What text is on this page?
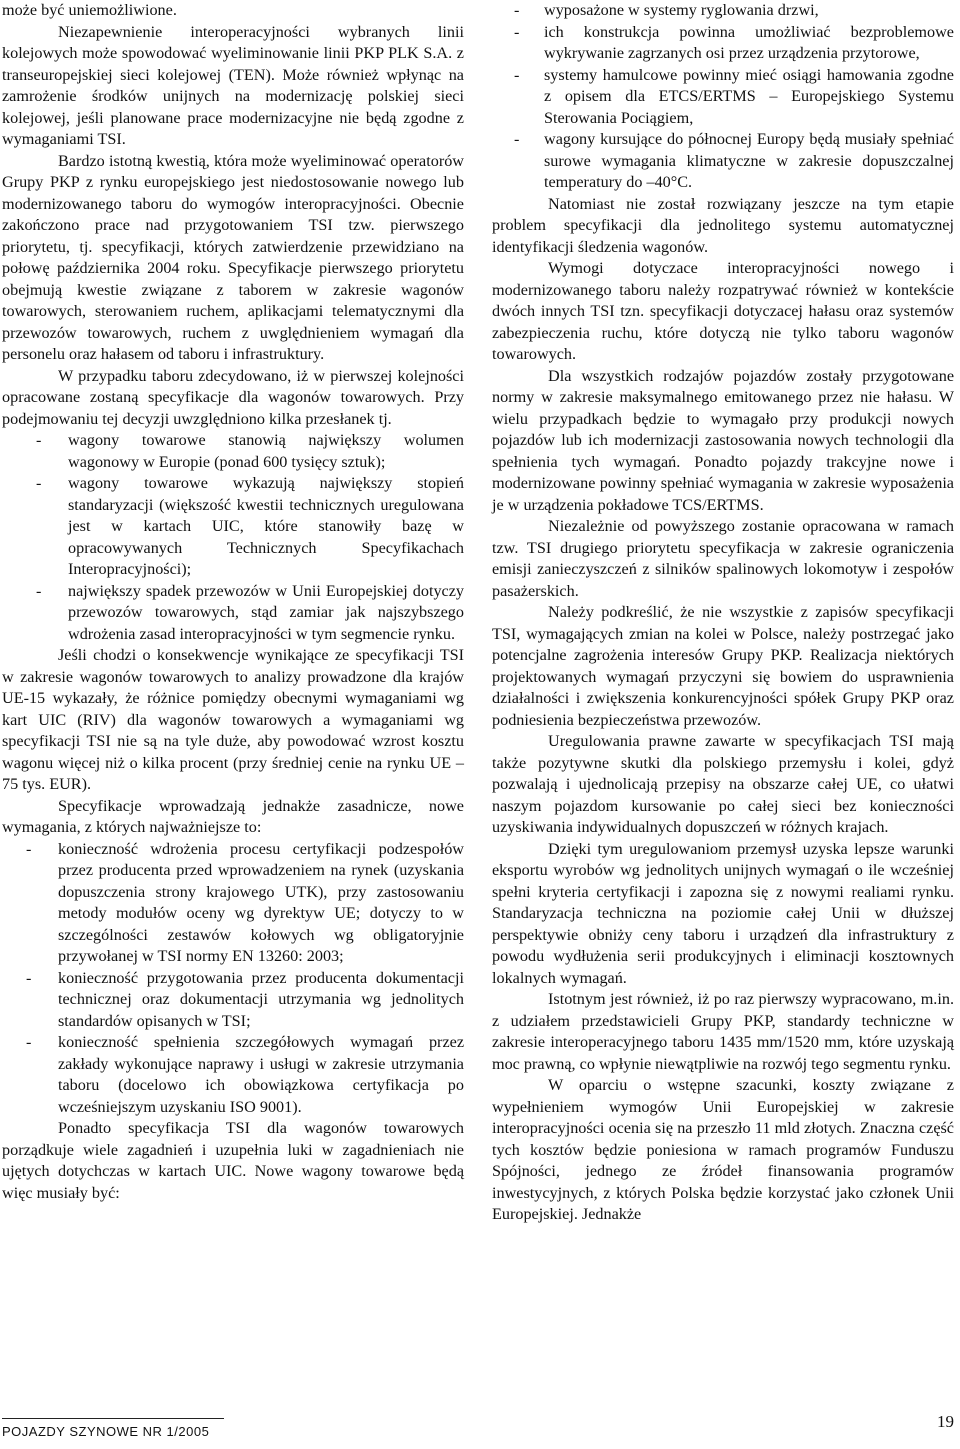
może być uniemożliwione.

Niezapewnienie interoperacyjności wybranych linii kolejowych może spowodować wyeliminowanie linii PKP PLK S.A. z transeuropejskiej sieci kolejowej (TEN). Może również wpłynąc na zamrożenie środków unijnych na modernizację polskiej sieci kolejowej, jeśli planowane prace modernizacyjne nie będą zgodne z wymaganiami TSI.

Bardzo istotną kwestią, która może wyeliminować operatorów Grupy PKP z rynku europejskiego jest niedostosowanie nowego lub modernizowanego taboru do wymogów interopracyjności. Obecnie zakończono prace nad przygotowaniem TSI tzw. pierwszego priorytetu, tj. specyfikacji, których zatwierdzenie przewidziano na połowę października 2004 roku. Specyfikacje pierwszego priorytetu obejmują kwestie związane z taborem w zakresie wagonów towarowych, sterowaniem ruchem, aplikacjami telematycznymi dla przewozów towarowych, ruchem z uwględnieniem wymagań dla personelu oraz hałasem od taboru i infrastruktury.

W przypadku taboru zdecydowano, iż w pierwszej kolejności opracowane zostaną specyfikacje dla wagonów towarowych. Przy podejmowaniu tej decyzji uwzględniono kilka przesłanek tj.

- wagony towarowe stanowią największy wolumen wagonowy w Europie (ponad 600 tysięcy sztuk);
- wagony towarowe wykazują największy stopień standaryzacji (większość kwestii technicznych uregulowana jest w kartach UIC, które stanowiły bazę w opracowywanych Technicznych Specyfikachach Interopracyjności);
- największy spadek przewozów w Unii Europejskiej dotyczy przewozów towarowych, stąd zamiar jak najszybszego wdrożenia zasad interopracyjności w tym segmencie rynku.

Jeśli chodzi o konsekwencje wynikające ze specyfikacji TSI w zakresie wagonów towarowych to analizy prowadzone dla krajów UE-15 wykazały, że różnice pomiędzy obecnymi wymaganiami wg kart UIC (RIV) dla wagonów towarowych a wymaganiami wg specyfikacji TSI nie są na tyle duże, aby powodować wzrost kosztu wagonu więcej niż o kilka procent (przy średniej cenie na rynku UE – 75 tys. EUR).

Specyfikacje wprowadzają jednakże zasadnicze, nowe wymagania, z których najważniejsze to:

- konieczność wdrożenia procesu certyfikacji podzespołów przez producenta przed wprowadzeniem na rynek (uzyskania dopuszczenia strony krajowego UTK), przy zastosowaniu metody modułów oceny wg dyrektyw UE; dotyczy to w szczególności zestawów kołowych wg obligatoryjnie przywołanej w TSI normy EN 13260: 2003;
- konieczność przygotowania przez producenta dokumentacji technicznej oraz dokumentacji utrzymania wg jednolitych standardów opisanych w TSI;
- konieczność spełnienia szczegółowych wymagań przez zakłady wykonujące naprawy i usługi w zakresie utrzymania taboru (docelowo ich obowiązkowa certyfikacja po wcześniejszym uzyskaniu ISO 9001).

Ponadto specyfikacja TSI dla wagonów towarowych porządkuje wiele zagadnień i uzupełnia luki w zagadnieniach nie ujętych dotychczas w kartach UIC. Nowe wagony towarowe będą więc musiały być:

- wyposażone w systemy ryglowania drzwi,
- ich konstrukcja powinna umożliwiać bezproblemowe wykrywanie zagrzanych osi przez urządzenia przytorowe,
- systemy hamulcowe powinny mieć osiągi hamowania zgodne z opisem dla ETCS/ERTMS – Europejskiego Systemu Sterowania Pociągiem,
- wagony kursujące do północnej Europy będą musiały spełniać surowe wymagania klimatyczne w zakresie dopuszczalnej temperatury do –40°C.

Natomiast nie został rozwiązany jeszcze na tym etapie problem specyfikacji dla jednolitego systemu automatycznej identyfikacji śledzenia wagonów.

Wymogi dotyczace interopracyjności nowego i modernizowanego taboru należy rozpatrywać również w kontekście dwóch innych TSI tzn. specyfikacji dotyczacej hałasu oraz systemów zabezpieczenia ruchu, które dotyczą nie tylko taboru wagonów towarowych.

Dla wszystkich rodzajów pojazdów zostały przygotowane normy w zakresie maksymalnego emitowanego przez nie hałasu. W wielu przypadkach będzie to wymagało przy produkcji nowych pojazdów lub ich modernizacji zastosowania nowych technologii dla spełnienia tych wymagań. Ponadto pojazdy trakcyjne nowe i modernizowane powinny spełniać wymagania w zakresie wyposażenia je w urządzenia pokładowe TCS/ERTMS.

Niezależnie od powyższego zostanie opracowana w ramach tzw. TSI drugiego priorytetu specyfikacja w zakresie ograniczenia emisji zanieczyszczeń z silników spalinowych lokomotyw i zespołów pasażerskich.

Należy podkreślić, że nie wszystkie z zapisów specyfikacji TSI, wymagających zmian na kolei w Polsce, należy postrzegać jako potencjalne zagrożenia interesów Grupy PKP. Realizacja niektórych projektowanych wymagań przyczyni się bowiem do usprawnienia działalności i zwiększenia konkurencyjności spółek Grupy PKP oraz podniesienia bezpieczeństwa przewozów.

Uregulowania prawne zawarte w specyfikacjach TSI mają także pozytywne skutki dla polskiego przemysłu i kolei, gdyż pozwalają i ujednolicają przepisy na obszarze całej UE, co ułatwi naszym pojazdom kursowanie po całej sieci bez konieczności uzyskiwania indywidualnych dopuszczeń w różnych krajach.

Dzięki tym uregulowaniom przemysł uzyska lepsze warunki eksportu wyrobów wg jednolitych unijnych wymagań o ile wcześniej spełni kryteria certyfikacji i zapozna się z nowymi realiami rynku. Standaryzacja techniczna na poziomie całej Unii w dłuższej perspektywie obniży ceny taboru i urządzeń dla infrastruktury z powodu wydłużenia serii produkcyjnych i eliminacji kosztownych lokalnych wymagań.

Istotnym jest również, iż po raz pierwszy wypracowano, m.in. z udziałem przedstawicieli Grupy PKP, standardy techniczne w zakresie interoperacyjnego taboru 1435 mm/1520 mm, które uzyskają moc prawną, co wpłynie niewątpliwie na rozwój tego segmentu rynku.

W oparciu o wstępne szacunki, koszty związane z wypełnieniem wymogów Unii Europejskiej w zakresie interopracyjności ocenia się na przeszło 11 mld złotych. Znaczna część tych kosztów będzie poniesiona w ramach programów Funduszu Spójności, jednego ze źródeł finansowania programów inwestycyjnych, z których Polska będzie korzystać jako członek Unii Europejskiej. Jednakże

POJAZDY SZYNOWE NR 1/2005
19
